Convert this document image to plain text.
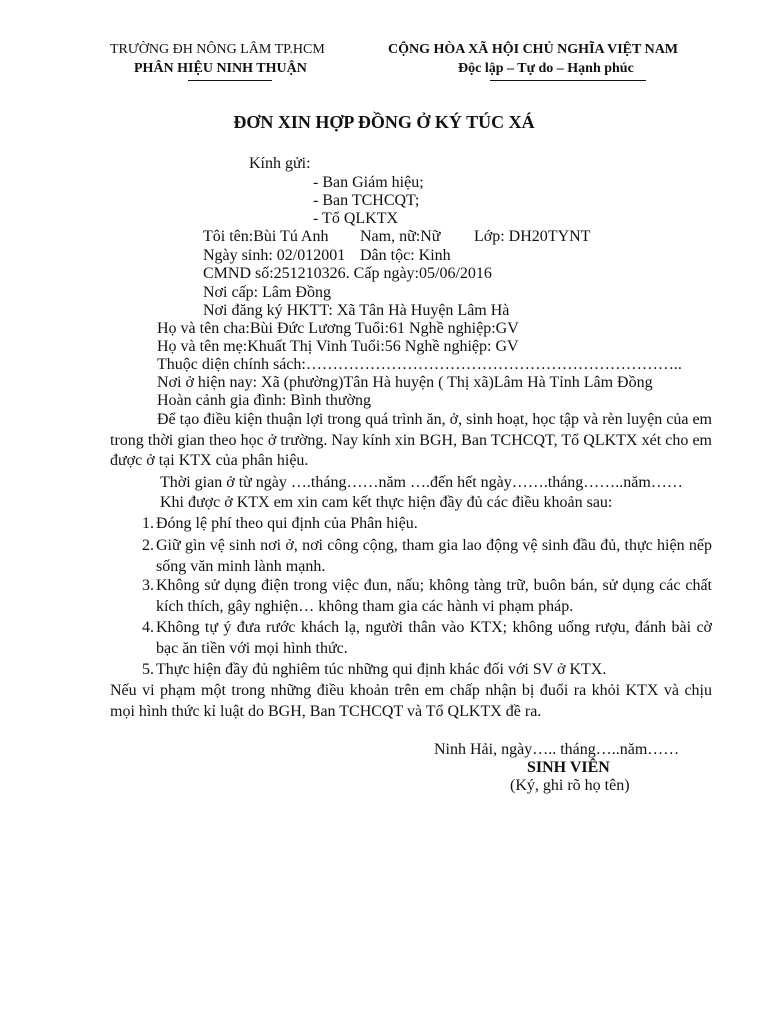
TRƯỜNG ĐH NÔNG LÂM TP.HCM
PHÂN HIỆU NINH THUẬN
CỘNG HÒA XÃ HỘI CHỦ NGHĨA VIỆT NAM
Độc lập – Tự do – Hạnh phúc
ĐƠN XIN HỢP ĐỒNG Ở KÝ TÚC XÁ
Kính gửi:
- Ban Giám hiệu;
- Ban TCHCQT;
- Tổ QLKTX
Tôi tên:Bùi Tú Anh Nam, nữ:Nữ Lớp: DH20TYNT
Ngày sinh: 02/012001 Dân tộc: Kinh
CMND số:251210326. Cấp ngày:05/06/2016
Nơi cấp: Lâm Đồng
Nơi đăng ký HKTT: Xã Tân Hà Huyện Lâm Hà
Họ và tên cha:Bùi Đức Lương Tuổi:61 Nghề nghiệp:GV
Họ và tên mẹ:Khuất Thị Vinh Tuổi:56 Nghề nghiệp: GV
Thuộc diện chính sách:……………………………………………………………..
Nơi ở hiện nay: Xã (phường)Tân Hà huyện ( Thị xã)Lâm Hà Tỉnh Lâm Đồng
Hoàn cảnh gia đình: Bình thường
Để tạo điều kiện thuận lợi trong quá trình ăn, ở, sinh hoạt, học tập và rèn luyện của em trong thời gian theo học ở trường. Nay kính xin BGH, Ban TCHCQT, Tổ QLKTX xét cho em được ở tại KTX của phân hiệu.
Thời gian ở từ ngày ….tháng……năm ….đến hết ngày…….tháng……..năm……
Khi được ở KTX em xin cam kết thực hiện đầy đủ các điều khoản sau:
1. Đóng lệ phí theo qui định của Phân hiệu.
2. Giữ gìn vệ sinh nơi ở, nơi công cộng, tham gia lao động vệ sinh đầu đủ, thực hiện nếp sống văn minh lành mạnh.
3. Không sử dụng điện trong việc đun, nấu; không tàng trữ, buôn bán, sử dụng các chất kích thích, gây nghiện… không tham gia các hành vi phạm pháp.
4. Không tự ý đưa rước khách lạ, người thân vào KTX; không uống rượu, đánh bài cờ bạc ăn tiền với mọi hình thức.
5. Thực hiện đầy đủ nghiêm túc những qui định khác đối với SV ở KTX.
Nếu vi phạm một trong những điều khoản trên em chấp nhận bị đuổi ra khỏi KTX và chịu mọi hình thức kỉ luật do BGH, Ban TCHCQT và Tổ QLKTX đề ra.
Ninh Hải, ngày….. tháng…..năm……
SINH VIÊN
(Ký, ghi rõ họ tên)
